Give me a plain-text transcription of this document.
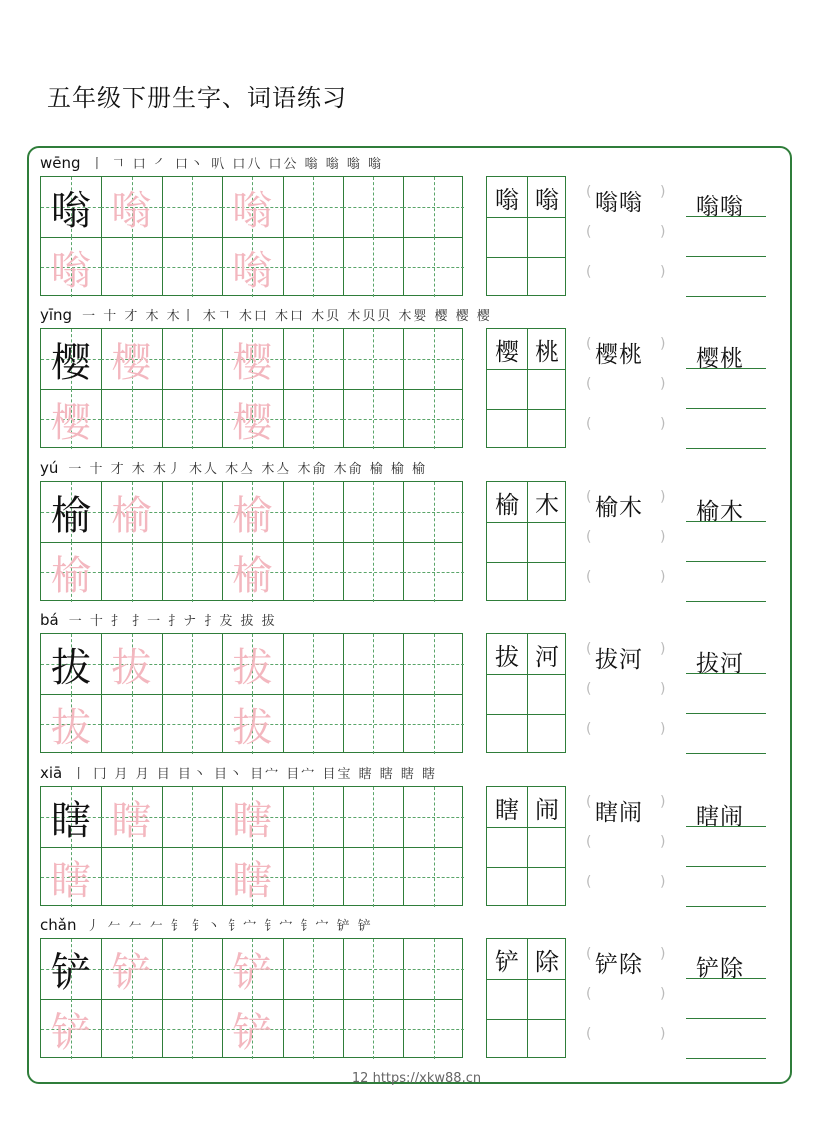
五年级下册生字、词语练习
wēng 丨 𠃍 口 ㇒ 口丶 叭 口八 口公 嗡 嗡 嗡 嗡
嗡 嗡 嗡
嗡	嗡
嗡 嗡	(	)
(	)
(	)
嗡嗡 嗡嗡
yīng 一 十 才 木 木丨 木𠃍 木口 木口 木贝 木贝贝 木婴 樱 樱 樱
樱 樱 樱
樱	樱
樱 桃	(	)
(	)
(	)
樱桃 樱桃
yú 一 十 才 木 木丿 木人 木亼 木亼 木俞 木俞 榆 榆 榆
榆 榆 榆
榆	榆
榆 木	(	)
(	)
(	)
榆木 榆木
bá 一 十 扌 扌一 扌ナ 扌犮 拔 拔
拔 拔 拔
拔	拔
拔 河	(	)
(	)
(	)
拔河 拔河
xiā 丨 冂 月 月 目 目丶 目丶 目宀 目宀 目宝 瞎 瞎 瞎 瞎
瞎 瞎 瞎
瞎	瞎
瞎 闹	(	)
(	)
(	)
瞎闹 瞎闹
chǎn 丿 𠂉 𠂉 𠂉 钅 钅丶 钅宀 钅宀 钅宀 铲 铲
铲 铲 铲
铲	铲
铲 除	(	)
(	)
(	)
铲除 铲除
12 https://xkw88.cn
